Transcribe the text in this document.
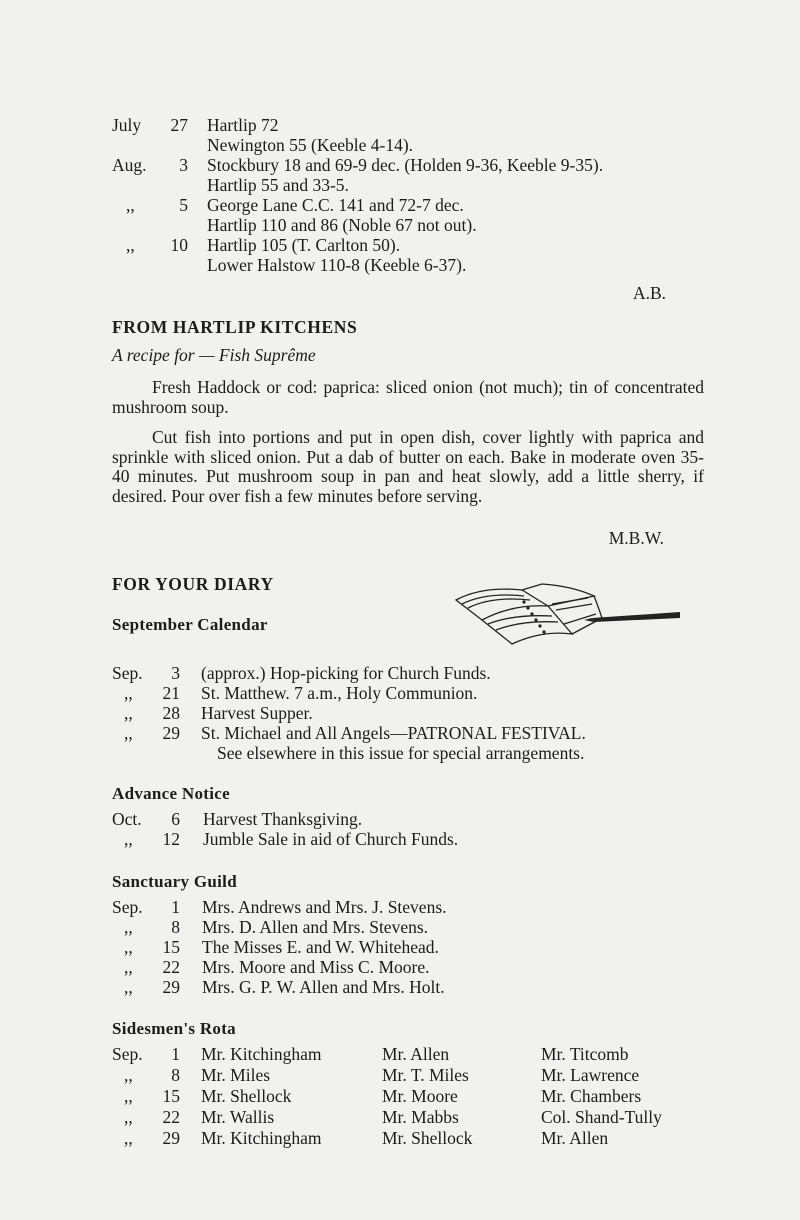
July	27 Hartlip 72
Newington 55 (Keeble 4-14).
Aug.	3 Stockbury 18 and 69-9 dec. (Holden 9-36, Keeble 9-35).
Hartlip 55 and 33-5.
,,	5 George Lane C.C. 141 and 72-7 dec.
Hartlip 110 and 86 (Noble 67 not out).
,,	10 Hartlip 105 (T. Carlton 50).
Lower Halstow 110-8 (Keeble 6-37).
A.B.
FROM HARTLIP KITCHENS
A recipe for — Fish Suprême

Fresh Haddock or cod: paprica: sliced onion (not much); tin of concentrated mushroom soup.

Cut fish into portions and put in open dish, cover lightly with paprica and sprinkle with sliced onion. Put a dab of butter on each. Bake in moderate oven 35-40 minutes. Put mushroom soup in pan and heat slowly, add a little sherry, if desired. Pour over fish a few minutes before serving.

M.B.W.
FOR YOUR DIARY
September Calendar
Sep.	3 (approx.) Hop-picking for Church Funds.
,,	21 St. Matthew. 7 a.m., Holy Communion.
,,	28 Harvest Supper.
,,	29 St. Michael and All Angels—PATRONAL FESTIVAL.
See elsewhere in this issue for special arrangements.
Advance Notice
Oct.	6 Harvest Thanksgiving.
,,	12 Jumble Sale in aid of Church Funds.
Sanctuary Guild
Sep.	1 Mrs. Andrews and Mrs. J. Stevens.
,,	8 Mrs. D. Allen and Mrs. Stevens.
,,	15 The Misses E. and W. Whitehead.
,,	22 Mrs. Moore and Miss C. Moore.
,,	29 Mrs. G. P. W. Allen and Mrs. Holt.
Sidesmen's Rota
Sep.	1 Mr. Kitchingham	Mr. Allen	Mr. Titcomb
,,	8 Mr. Miles	Mr. T. Miles	Mr. Lawrence
,,	15 Mr. Shellock	Mr. Moore	Mr. Chambers
,,	22 Mr. Wallis	Mr. Mabbs	Col. Shand-Tully
,,	29 Mr. Kitchingham	Mr. Shellock	Mr. Allen
